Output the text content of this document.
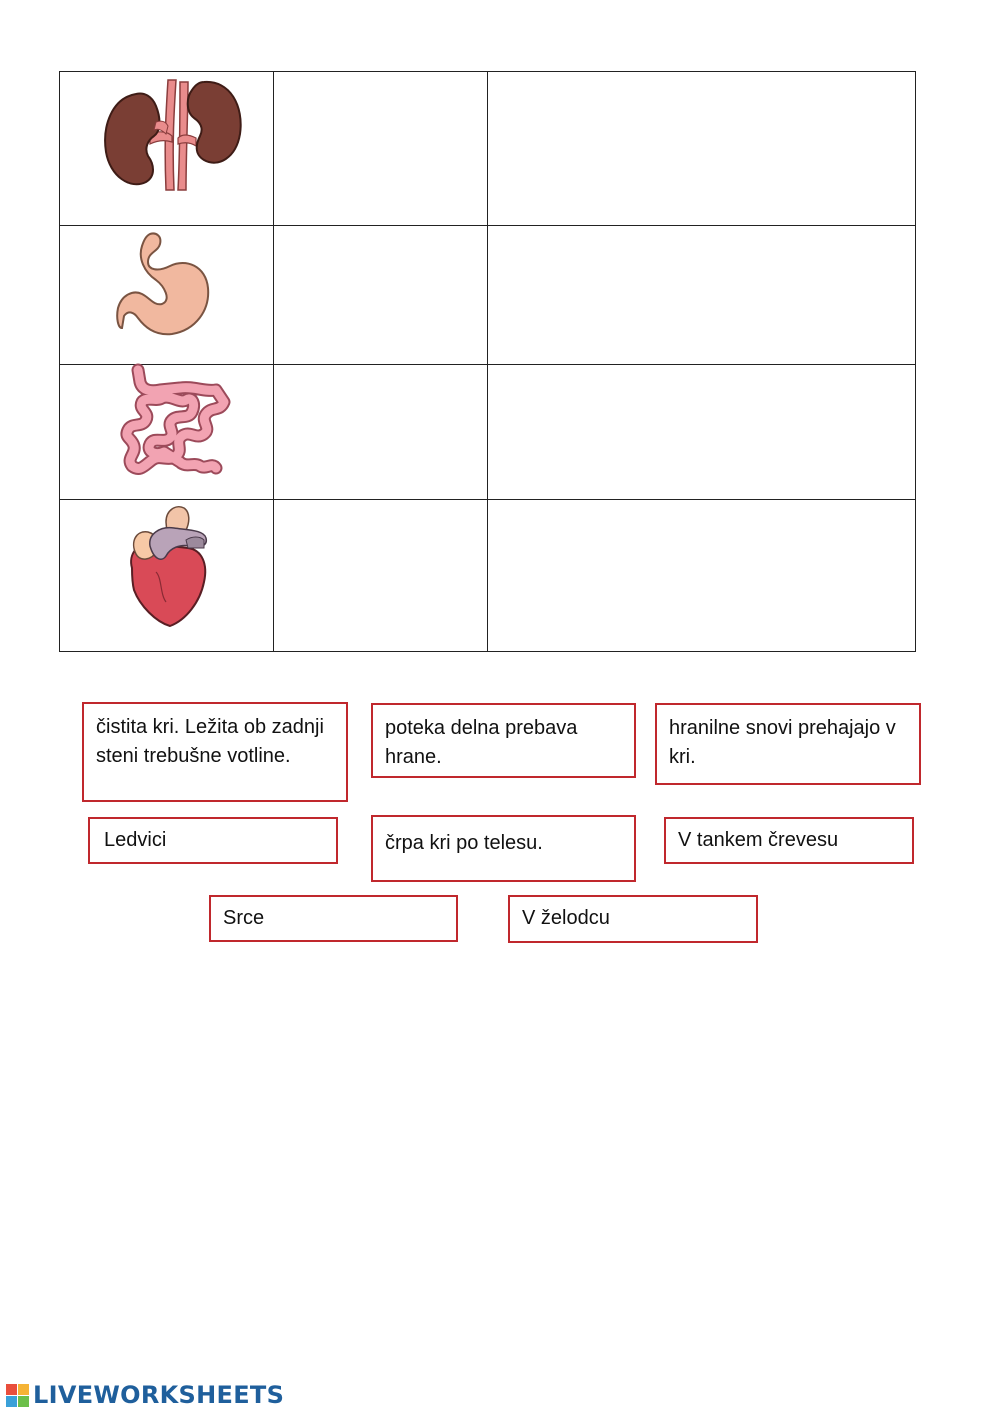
čistita kri. Ležita ob zadnji steni trebušne votline.
poteka delna prebava hrane.
hranilne snovi prehajajo v kri.
Ledvici	črpa kri po telesu.	V tankem črevesu
Srce	V želodcu
LIVEWORKSHEETS
